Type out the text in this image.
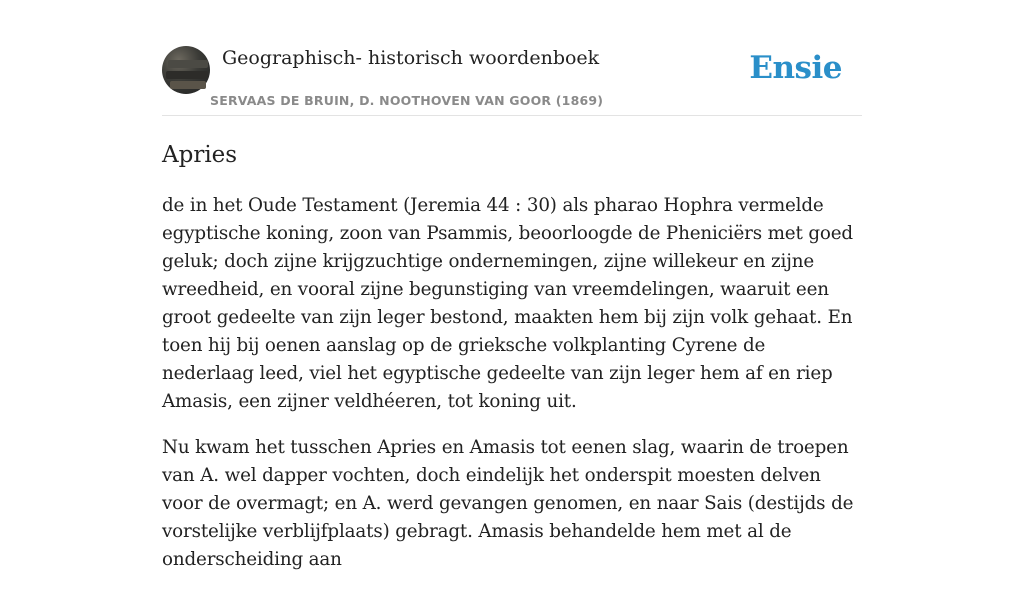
Geographisch- historisch woordenboek
SERVAAS DE BRUIN, D. NOOTHOVEN VAN GOOR (1869)
Ensie
Apries

de in het Oude Testament (Jeremia 44 : 30) als pharao Hophra vermelde egyptische koning, zoon van Psammis, beoorloogde de Pheniciërs met goed geluk; doch zijne krijgzuchtige ondernemingen, zijne willekeur en zijne wreedheid, en vooral zijne begunstiging van vreemdelingen, waaruit een groot gedeelte van zijn leger bestond, maakten hem bij zijn volk gehaat. En toen hij bij oenen aanslag op de grieksche volkplanting Cyrene de nederlaag leed, viel het egyptische gedeelte van zijn leger hem af en riep Amasis, een zijner veldhéeren, tot koning uit.

Nu kwam het tusschen Apries en Amasis tot eenen slag, waarin de troepen van A. wel dapper vochten, doch eindelijk het onderspit moesten delven voor de overmagt; en A. werd gevangen genomen, en naar Sais (destijds de vorstelijke verblijfplaats) gebragt. Amasis behandelde hem met al de onderscheiding aan
